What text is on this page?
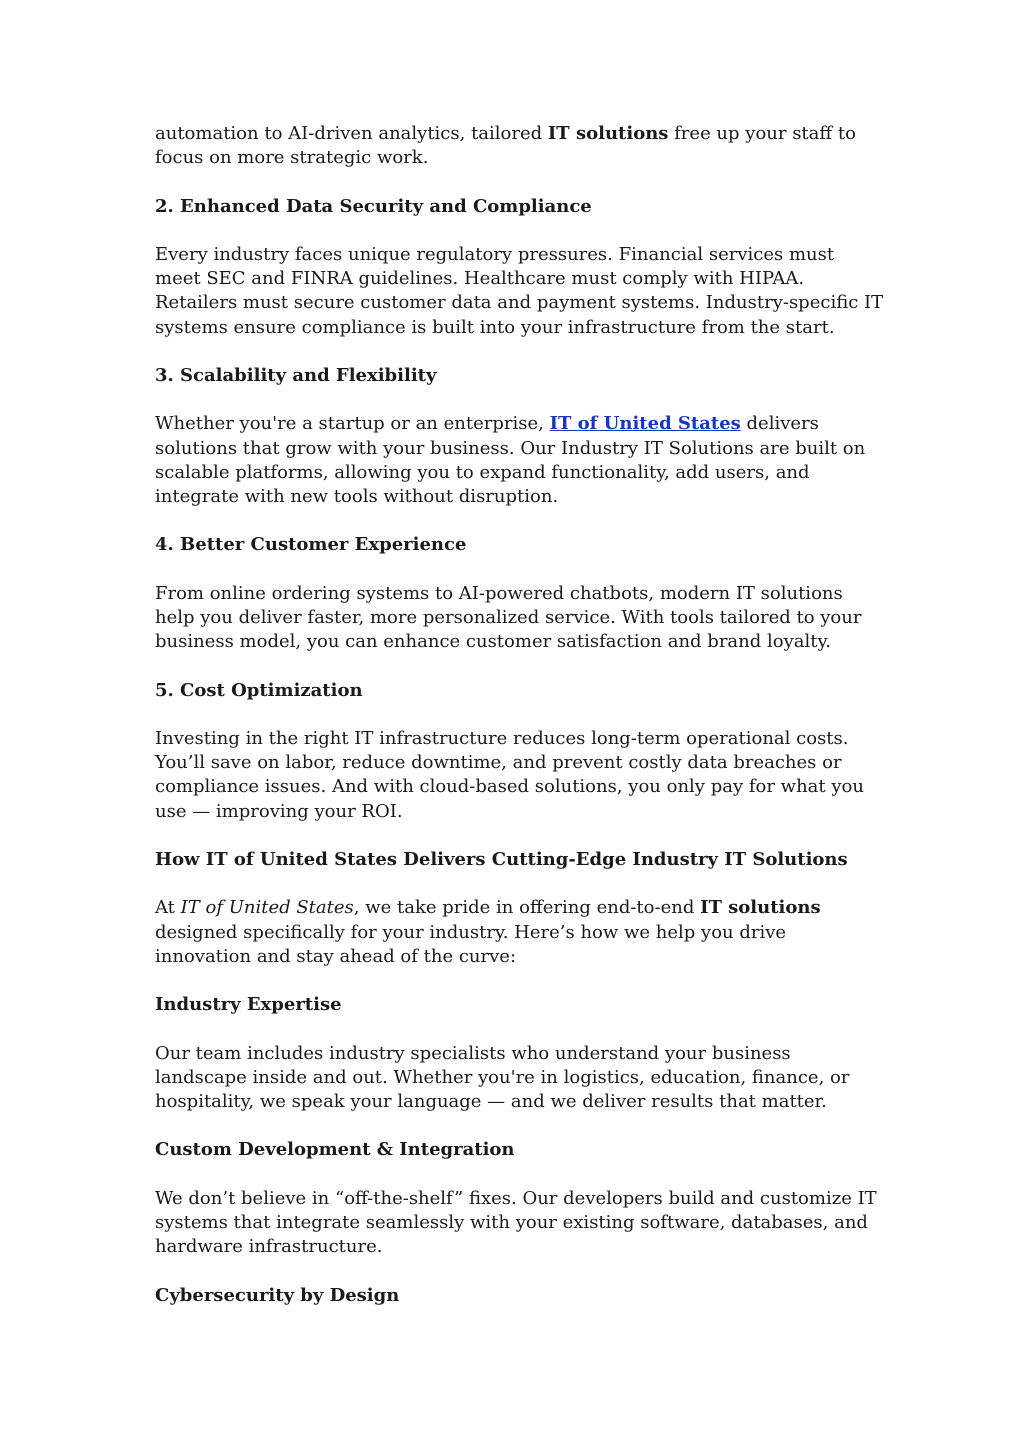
automation to AI-driven analytics, tailored IT solutions free up your staff to focus on more strategic work.

2. Enhanced Data Security and Compliance

Every industry faces unique regulatory pressures. Financial services must meet SEC and FINRA guidelines. Healthcare must comply with HIPAA. Retailers must secure customer data and payment systems. Industry-specific IT systems ensure compliance is built into your infrastructure from the start.

3. Scalability and Flexibility

Whether you're a startup or an enterprise, IT of United States delivers solutions that grow with your business. Our Industry IT Solutions are built on scalable platforms, allowing you to expand functionality, add users, and integrate with new tools without disruption.

4. Better Customer Experience

From online ordering systems to AI-powered chatbots, modern IT solutions help you deliver faster, more personalized service. With tools tailored to your business model, you can enhance customer satisfaction and brand loyalty.

5. Cost Optimization

Investing in the right IT infrastructure reduces long-term operational costs. You’ll save on labor, reduce downtime, and prevent costly data breaches or compliance issues. And with cloud-based solutions, you only pay for what you use — improving your ROI.

How IT of United States Delivers Cutting-Edge Industry IT Solutions

At IT of United States, we take pride in offering end-to-end IT solutions designed specifically for your industry. Here’s how we help you drive innovation and stay ahead of the curve:

Industry Expertise

Our team includes industry specialists who understand your business landscape inside and out. Whether you're in logistics, education, finance, or hospitality, we speak your language — and we deliver results that matter.

Custom Development & Integration

We don’t believe in “off-the-shelf” fixes. Our developers build and customize IT systems that integrate seamlessly with your existing software, databases, and hardware infrastructure.

Cybersecurity by Design
